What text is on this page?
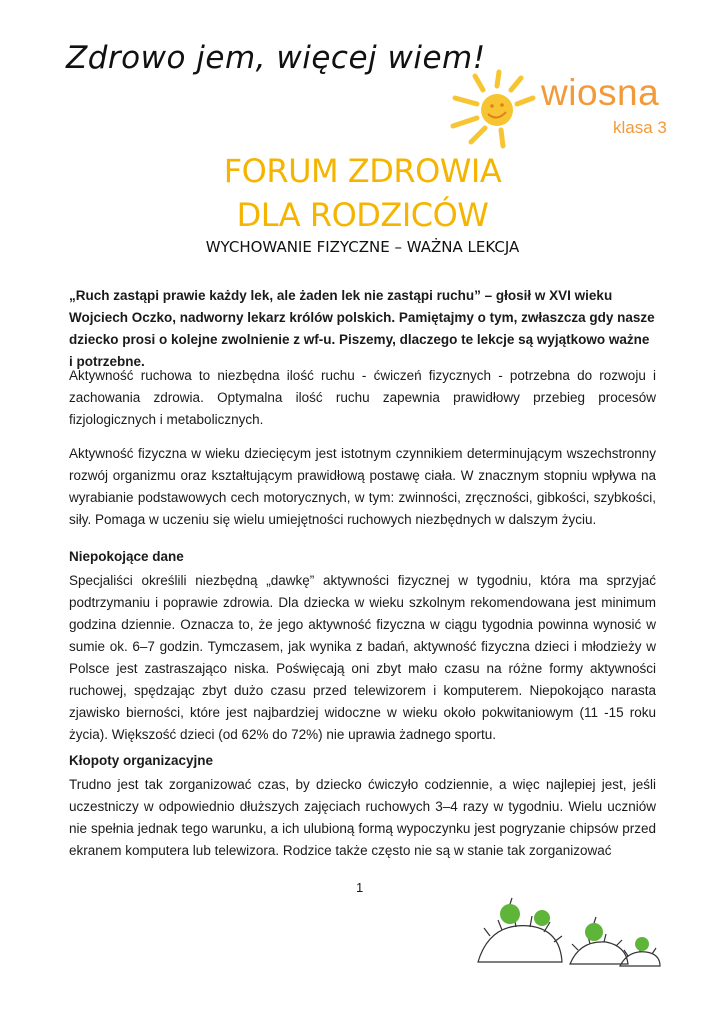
Zdrowo jem, więcej wiem!
wiosna
klasa 3
FORUM ZDROWIA
DLA RODZICÓW
WYCHOWANIE FIZYCZNE – WAŻNA LEKCJA
„Ruch zastąpi prawie każdy lek, ale żaden lek nie zastąpi ruchu” – głosił w XVI wieku Wojciech Oczko, nadworny lekarz królów polskich. Pamiętajmy o tym, zwłaszcza gdy nasze dziecko prosi o kolejne zwolnienie z wf-u. Piszemy, dlaczego te lekcje są wyjątkowo ważne i potrzebne.
Aktywność ruchowa to niezbędna ilość ruchu - ćwiczeń fizycznych - potrzebna do rozwoju i zachowania zdrowia. Optymalna ilość ruchu zapewnia prawidłowy przebieg procesów fizjologicznych i metabolicznych.
Aktywność fizyczna w wieku dziecięcym jest istotnym czynnikiem determinującym wszechstronny rozwój organizmu oraz kształtującym prawidłową postawę ciała. W znacznym stopniu wpływa na wyrabianie podstawowych cech motorycznych, w tym: zwinności, zręczności, gibkości, szybkości, siły. Pomaga w uczeniu się wielu umiejętności ruchowych niezbędnych w dalszym życiu.
Niepokojące dane
Specjaliści określili niezbędną „dawkę” aktywności fizycznej w tygodniu, która ma sprzyjać podtrzymaniu i poprawie zdrowia. Dla dziecka w wieku szkolnym rekomendowana jest minimum godzina dziennie. Oznacza to, że jego aktywność fizyczna w ciągu tygodnia powinna wynosić w sumie ok. 6–7 godzin. Tymczasem, jak wynika z badań, aktywność fizyczna dzieci i młodzieży w Polsce jest zastraszająco niska. Poświęcają oni zbyt mało czasu na różne formy aktywności ruchowej, spędzając zbyt dużo czasu przed telewizorem i komputerem. Niepokojąco narasta zjawisko bierności, które jest najbardziej widoczne w wieku około pokwitaniowym (11 -15 roku życia). Większość dzieci (od 62% do 72%) nie uprawia żadnego sportu.
Kłopoty organizacyjne
Trudno jest tak zorganizować czas, by dziecko ćwiczyło codziennie, a więc najlepiej jest, jeśli uczestniczy w odpowiednio dłuższych zajęciach ruchowych 3–4 razy w tygodniu. Wielu uczniów nie spełnia jednak tego warunku, a ich ulubioną formą wypoczynku jest pogryzanie chipsów przed ekranem komputera lub telewizora. Rodzice także często nie są w stanie tak zorganizować
1
